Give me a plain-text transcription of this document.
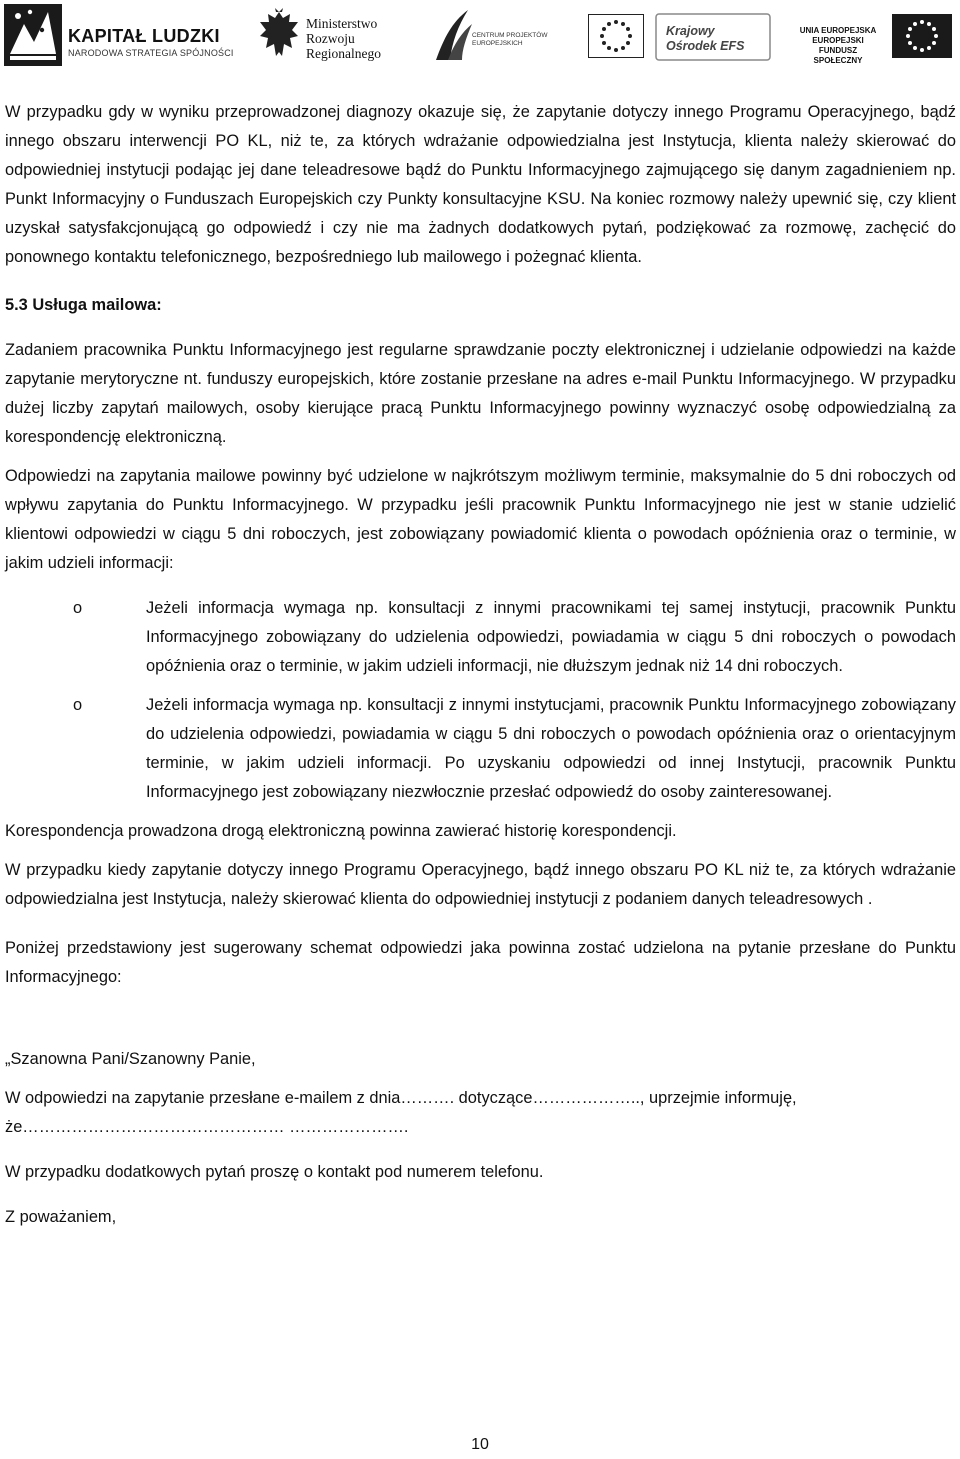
KAPITAŁ LUDZKI
NARODOWA STRATEGIA SPÓJNOŚCI
Ministerstwo
Rozwoju
Regionalnego
CENTRUM PROJEKTÓW
EUROPEJSKICH
Krajowy
Ośrodek EFS
UNIA EUROPEJSKA
EUROPEJSKI
FUNDUSZ SPOŁECZNY

W przypadku gdy w wyniku przeprowadzonej diagnozy okazuje się, że zapytanie dotyczy innego Programu Operacyjnego, bądź innego obszaru interwencji PO KL, niż te, za których wdrażanie odpowiedzialna jest Instytucja, klienta należy skierować do odpowiedniej instytucji podając jej dane teleadresowe bądź do Punktu Informacyjnego zajmującego się danym zagadnieniem np. Punkt Informacyjny o Funduszach Europejskich czy Punkty konsultacyjne KSU. Na koniec rozmowy należy upewnić się, czy klient uzyskał satysfakcjonującą go odpowiedź i czy nie ma żadnych dodatkowych pytań, podziękować za rozmowę, zachęcić do ponownego kontaktu telefonicznego, bezpośredniego lub mailowego i pożegnać klienta.

5.3 Usługa mailowa:

Zadaniem pracownika Punktu Informacyjnego jest regularne sprawdzanie poczty elektronicznej i udzielanie odpowiedzi na każde zapytanie merytoryczne nt. funduszy europejskich, które zostanie przesłane na adres e-mail Punktu Informacyjnego. W przypadku dużej liczby zapytań mailowych, osoby kierujące pracą Punktu Informacyjnego powinny wyznaczyć osobę odpowiedzialną za korespondencję elektroniczną.

Odpowiedzi na zapytania mailowe powinny być udzielone w najkrótszym możliwym terminie, maksymalnie do 5 dni roboczych od wpływu zapytania do Punktu Informacyjnego. W przypadku jeśli pracownik Punktu Informacyjnego nie jest w stanie udzielić klientowi odpowiedzi w ciągu 5 dni roboczych, jest zobowiązany powiadomić klienta o powodach opóźnienia oraz o terminie, w jakim udzieli informacji:

o	Jeżeli informacja wymaga np. konsultacji z innymi pracownikami tej samej instytucji, pracownik Punktu Informacyjnego zobowiązany do udzielenia odpowiedzi, powiadamia w ciągu 5 dni roboczych o powodach opóźnienia oraz o terminie, w jakim udzieli informacji, nie dłuższym jednak niż 14 dni roboczych.
o	Jeżeli informacja wymaga np. konsultacji z innymi instytucjami, pracownik Punktu Informacyjnego zobowiązany do udzielenia odpowiedzi, powiadamia w ciągu 5 dni roboczych o powodach opóźnienia oraz o orientacyjnym terminie, w jakim udzieli informacji. Po uzyskaniu odpowiedzi od innej Instytucji, pracownik Punktu Informacyjnego jest zobowiązany niezwłocznie przesłać odpowiedź do osoby zainteresowanej.

Korespondencja prowadzona drogą elektroniczną powinna zawierać historię korespondencji.

W przypadku kiedy zapytanie dotyczy innego Programu Operacyjnego, bądź innego obszaru PO KL niż te, za których wdrażanie odpowiedzialna jest Instytucja, należy skierować klienta do odpowiedniej instytucji z podaniem danych teleadresowych .

Poniżej przedstawiony jest sugerowany schemat odpowiedzi jaka powinna zostać udzielona na pytanie przesłane do Punktu Informacyjnego:

„Szanowna Pani/Szanowny Panie,

W odpowiedzi na zapytanie przesłane e-mailem z dnia………. dotyczące……………….., uprzejmie informuję, że………………………………………… ………………….

W przypadku dodatkowych pytań proszę o kontakt pod numerem telefonu.

Z poważaniem,

10
